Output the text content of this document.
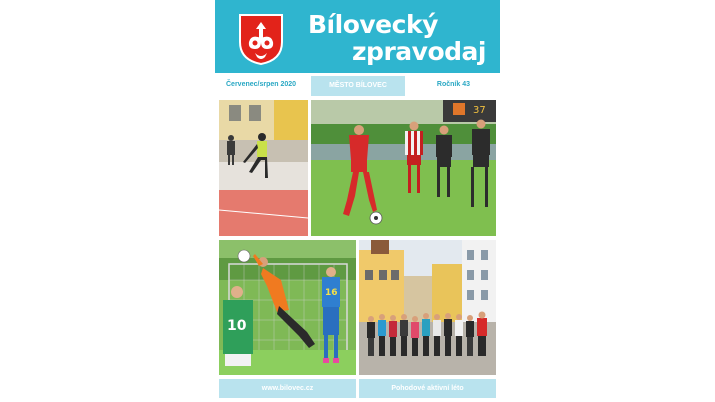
Bílovecký
zpravodaj
Červenec/srpen 2020	MĚSTO BÍLOVEC	Ročník 43
37
16
10
www.bilovec.cz	Pohodové aktivní léto
